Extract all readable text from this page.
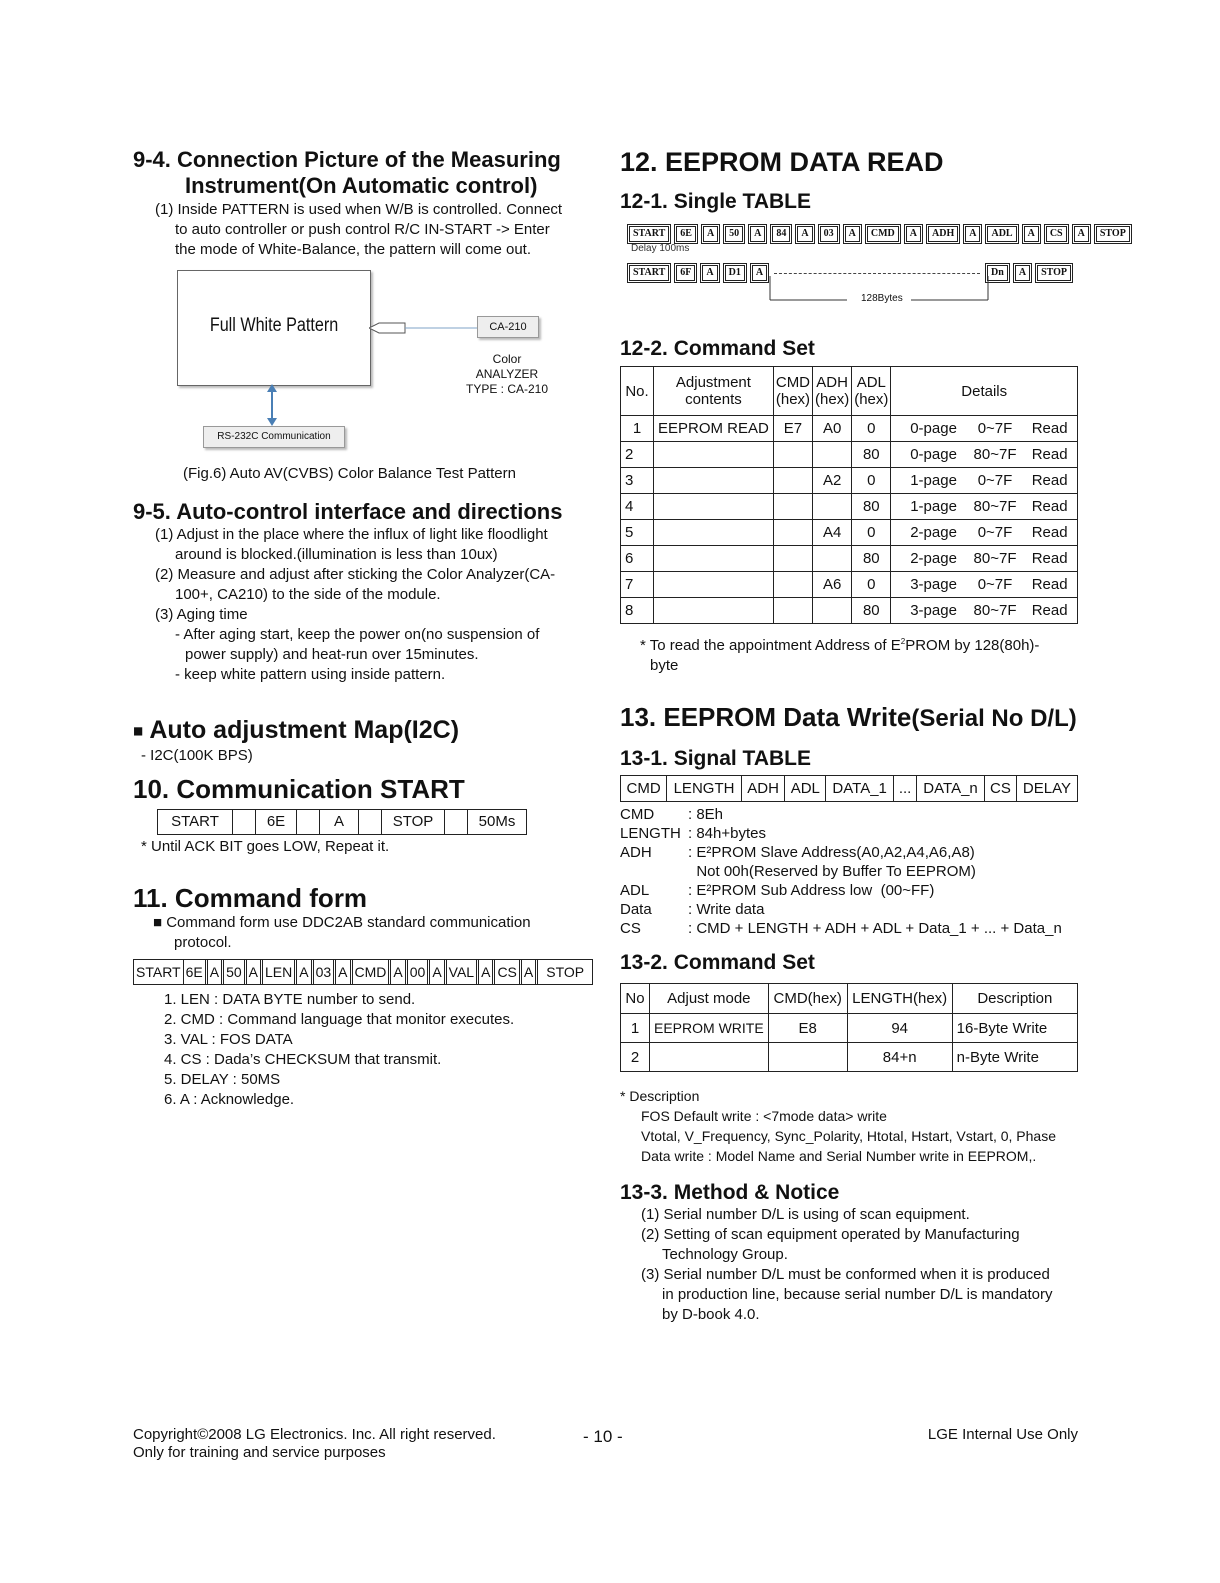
9-4. Connection Picture of the Measuring
Instrument(On Automatic control)
(1) Inside PATTERN is used when W/B is controlled. Connect
to auto controller or push control R/C IN-START -> Enter
the mode of White-Balance, the pattern will come out.
Full White Pattern	CA-210
Color
ANALYZER
TYPE : CA-210
RS-232C Communication
(Fig.6) Auto AV(CVBS) Color Balance Test Pattern
9-5. Auto-control interface and directions
(1) Adjust in the place where the influx of light like floodlight
around is blocked.(illumination is less than 10ux)
(2) Measure and adjust after sticking the Color Analyzer(CA-
100+, CA210) to the side of the module.
(3) Aging time
- After aging start, keep the power on(no suspension of
power supply) and heat-run over 15minutes.
- keep white pattern using inside pattern.
■ Auto adjustment Map(I2C)
- I2C(100K BPS)
10. Communication START
START	6E	A	STOP	50Ms
* Until ACK BIT goes LOW, Repeat it.
11. Command form
■ Command form use DDC2AB standard communication
protocol.
START 6E A 50 A LEN A 03 A CMD A 00 A VAL A CS A STOP
1. LEN : DATA BYTE number to send.
2. CMD : Command language that monitor executes.
3. VAL : FOS DATA
4. CS : Dada’s CHECKSUM that transmit.
5. DELAY : 50MS
6. A : Acknowledge.
12. EEPROM DATA READ
12-1. Single TABLE
START	6E	A	50	A	84	A	03	A	CMD	A	ADH	A	ADL	A	CS	A	STOP
Delay 100ms
START	6F	A	D1	A	Dn	A	STOP
128Bytes
12-2. Command Set
No.	Adjustment contents	CMD (hex)	ADH (hex)	ADL (hex)	Details		
1	EEPROM READ	E7	A0	0	0-page	0~7F	Read
2				80	0-page	80~7F	Read
3			A2	0	1-page	0~7F	Read
4				80	1-page	80~7F	Read
5			A4	0	2-page	0~7F	Read
6				80	2-page	80~7F	Read
7			A6	0	3-page	0~7F	Read
8				80	3-page	80~7F	Read
* To read the appointment Address of $E^2PROM$ by 128(80h)-
byte
13. EEPROM Data Write(Serial No D/L)
13-1. Signal TABLE
CMD	LENGTH	ADH	ADL	DATA_1	...	DATA_n	CS	DELAY
CMD	: 8Eh
LENGTH	: 84h+bytes
ADH	: E²PROM Slave Address(A0,A2,A4,A6,A8)
	Not 00h(Reserved by Buffer To EEPROM)
ADL	: E²PROM Sub Address low  (00~FF)
Data	: Write data
CS	: CMD + LENGTH + ADH + ADL + Data_1 + ... + Data_n
13-2. Command Set
No	Adjust mode	CMD(hex)	LENGTH(hex)	Description
1	EEPROM WRITE	E8	94	16-Byte Write
2			84+n	n-Byte Write
* Description
FOS Default write : <7mode data> write
Vtotal, V_Frequency, Sync_Polarity, Htotal, Hstart, Vstart, 0, Phase
Data write : Model Name and Serial Number write in EEPROM,.
13-3. Method & Notice
(1) Serial number D/L is using of scan equipment.
(2) Setting of scan equipment operated by Manufacturing
Technology Group.
(3) Serial number D/L must be conformed when it is produced
in production line, because serial number D/L is mandatory
by D-book 4.0.
Copyright©2008 LG Electronics. Inc. All right reserved.
Only for training and service purposes
- 10 -	LGE Internal Use Only
